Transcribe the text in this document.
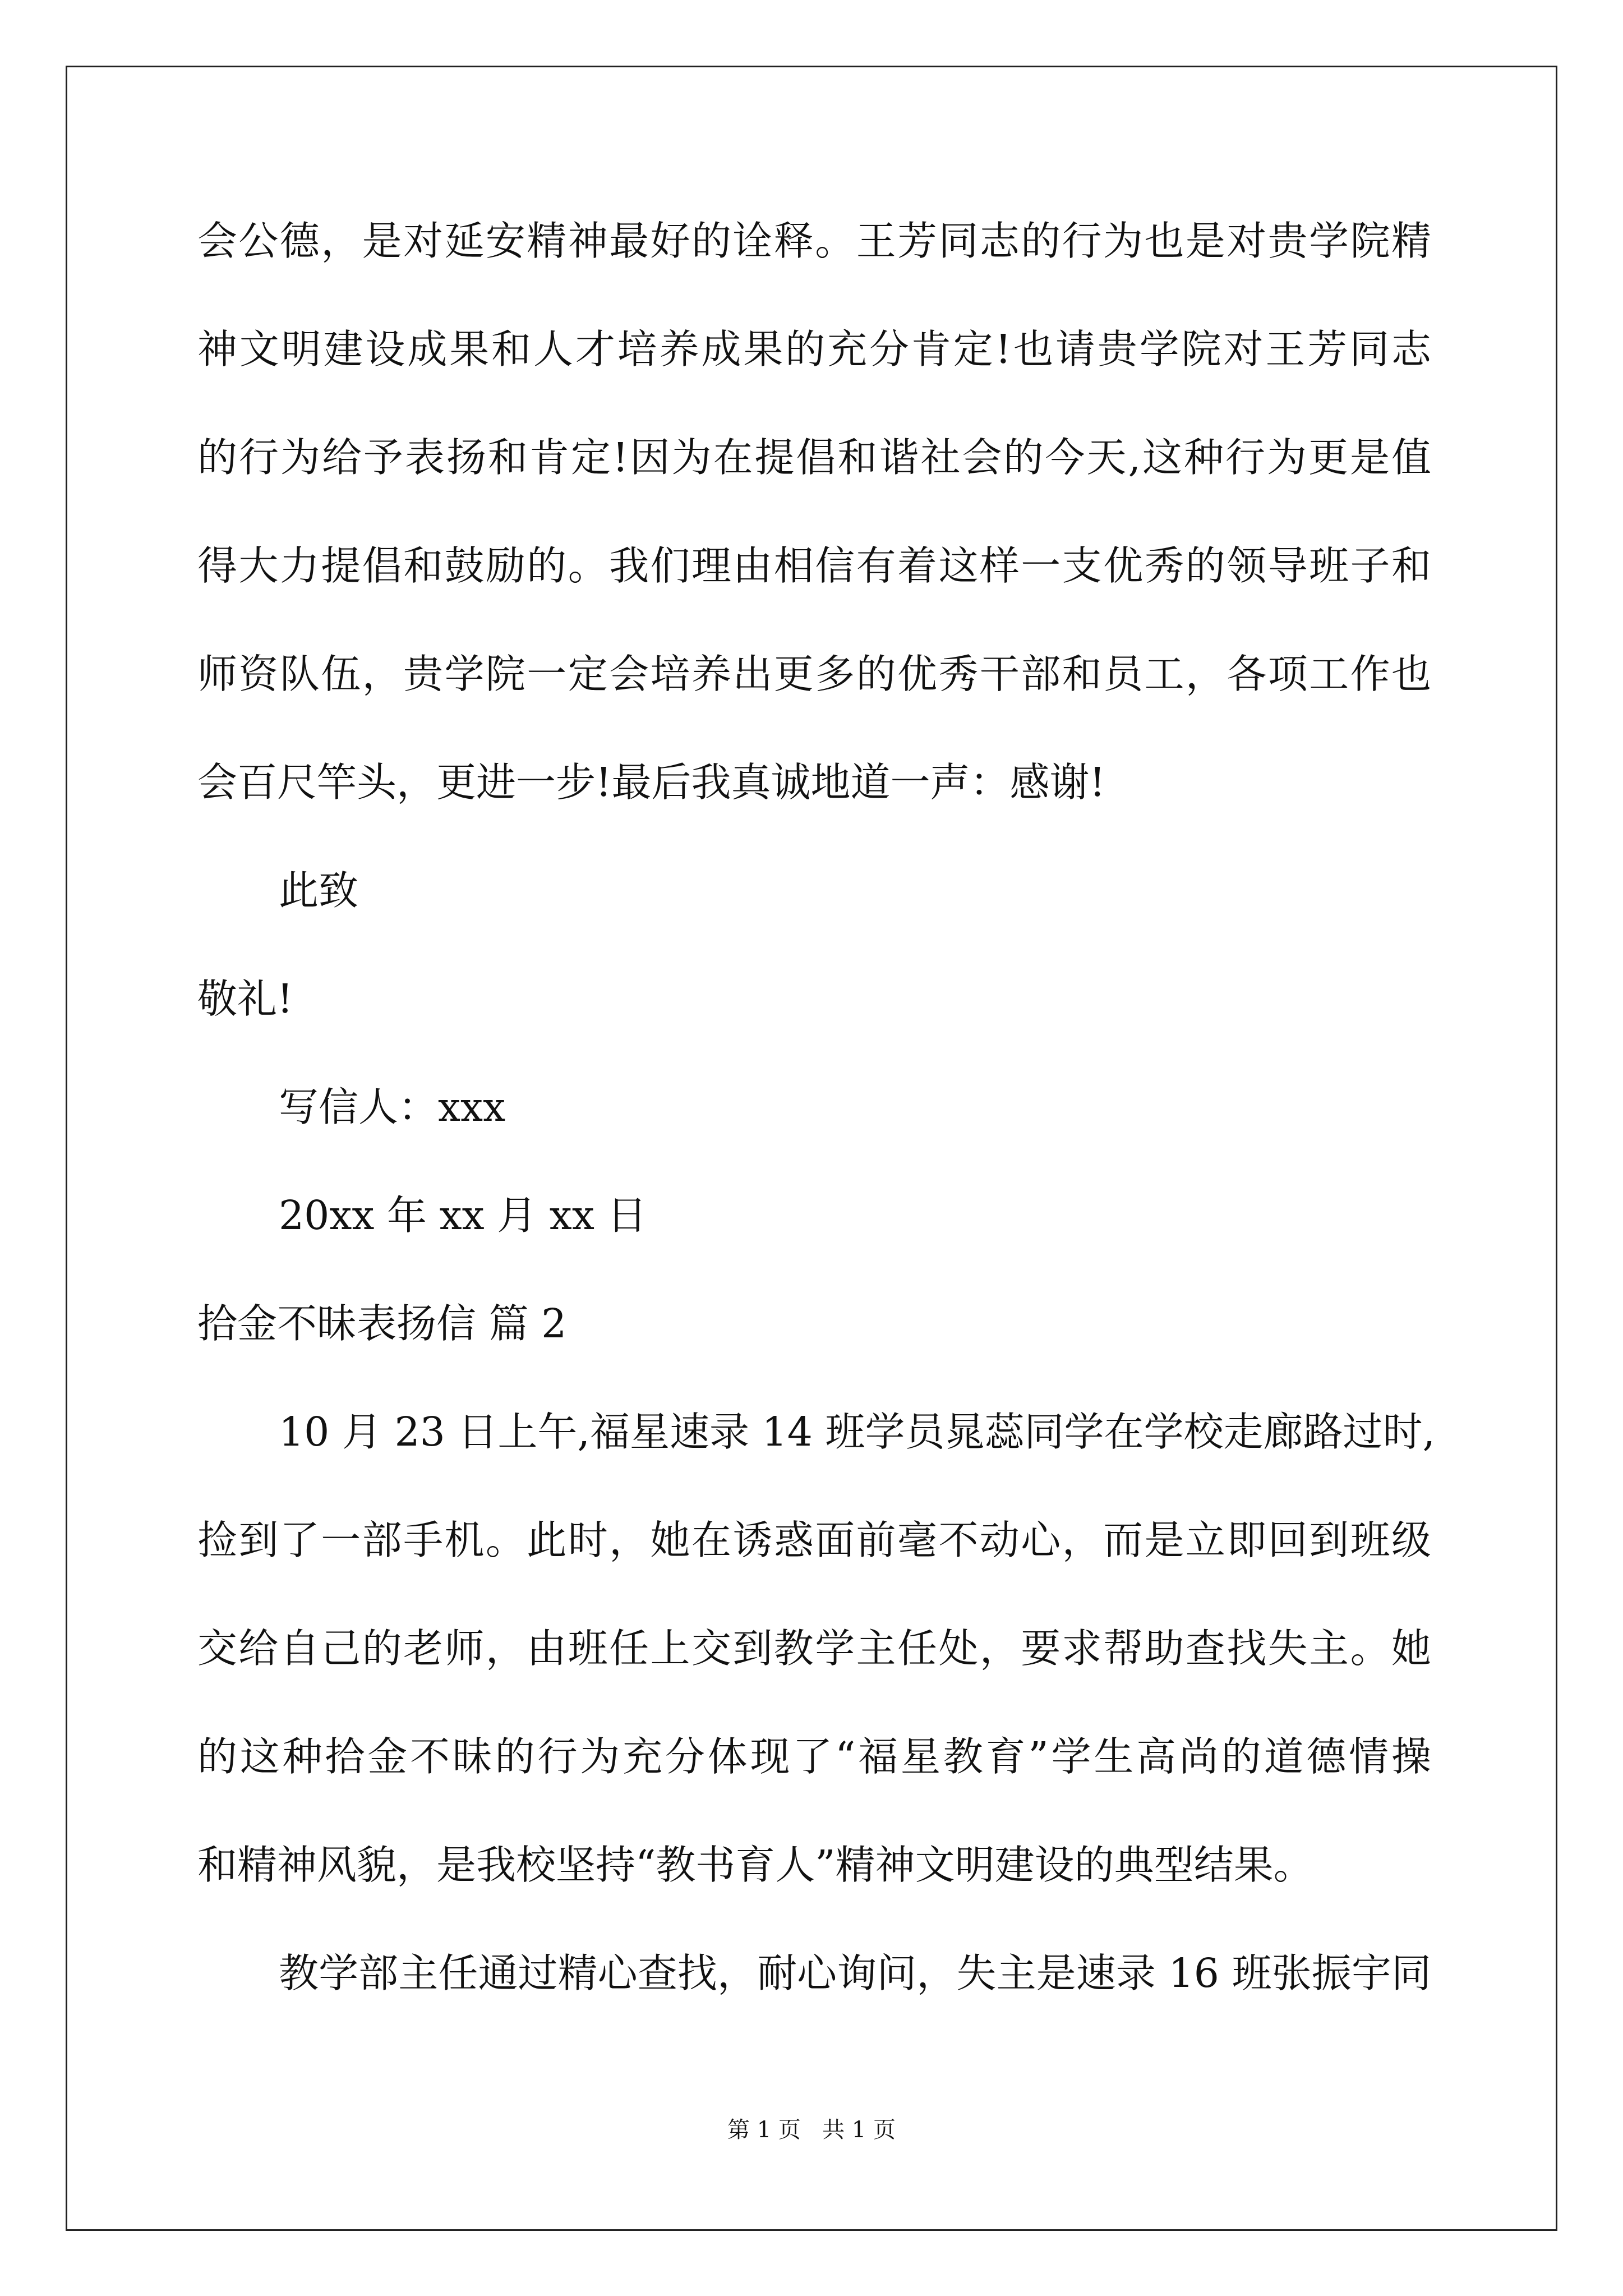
会公德，是对延安精神最好的诠释。王芳同志的行为也是对贵学院精
神文明建设成果和人才培养成果的充分肯定!也请贵学院对王芳同志
的行为给予表扬和肯定!因为在提倡和谐社会的今天,这种行为更是值
得大力提倡和鼓励的。我们理由相信有着这样一支优秀的领导班子和
师资队伍，贵学院一定会培养出更多的优秀干部和员工，各项工作也
会百尺竿头，更进一步!最后我真诚地道一声：感谢!
此致
敬礼!
写信人：xxx
20xx 年 xx 月 xx 日
拾金不昧表扬信 篇 2
10 月 23 日上午,福星速录 14 班学员晁蕊同学在学校走廊路过时,
捡到了一部手机。此时，她在诱惑面前毫不动心，而是立即回到班级
交给自己的老师，由班任上交到教学主任处，要求帮助查找失主。她
的这种拾金不昧的行为充分体现了“福星教育”学生高尚的道德情操
和精神风貌，是我校坚持“教书育人”精神文明建设的典型结果。
教学部主任通过精心查找，耐心询问，失主是速录 16 班张振宇同
第 1 页   共 1 页
